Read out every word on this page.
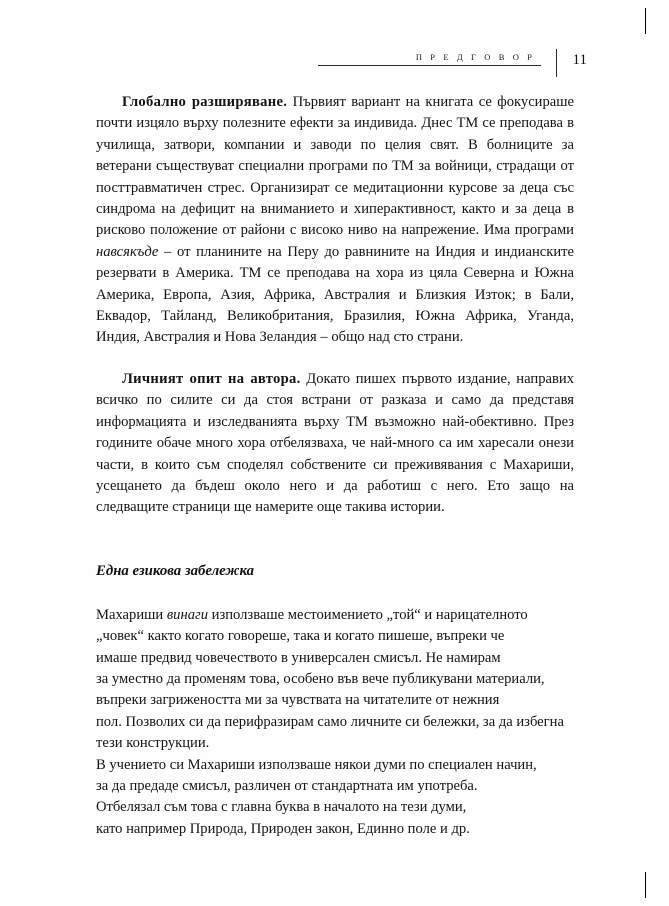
П Р Е Д Г О В О Р	11

Глобално разширяване. Първият вариант на книгата се фокусираше почти изцяло върху полезните ефекти за индивида. Днес ТМ се преподава в училища, затвори, компании и заводи по целия свят. В болниците за ветерани съществуват специални програми по ТМ за войници, страдащи от посттравматичен стрес. Организират се медитационни курсове за деца със синдрома на дефицит на вниманието и хиперактивност, както и за деца в рисково положение от райони с високо ниво на напрежение. Има програми навсякъде – от планините на Перу до равнините на Индия и индианските резервати в Америка. ТМ се преподава на хора из цяла Северна и Южна Америка, Европа, Азия, Африка, Австралия и Близкия Изток; в Бали, Еквадор, Тайланд, Великобритания, Бразилия, Южна Африка, Уганда, Индия, Австралия и Нова Зеландия – общо над сто страни.

Личният опит на автора. Докато пишех първото издание, направих всичко по силите си да стоя встрани от разказа и само да представя информацията и изследванията върху ТМ възможно най-обективно. През годините обаче много хора отбелязваха, че най-много са им харесали онези части, в които съм споделял собствените си преживявания с Махариши, усещането да бъдеш около него и да работиш с него. Ето защо на следващите страници ще намерите още такива истории.

Една езикова забележка

Махариши винаги използваше местоимението „той“ и нарицателното

„човек“ както когато говореше, така и когато пишеше, въпреки че

имаше предвид човечеството в универсален смисъл. Не намирам

за уместно да променям това, особено във вече публикувани материали,

въпреки загрижеността ми за чувствата на читателите от нежния

пол. Позволих си да перифразирам само личните си бележки, за да избегна

тези конструкции.

В учението си Махариши използваше някои думи по специален начин,

за да предаде смисъл, различен от стандартната им употреба.

Отбелязал съм това с главна буква в началото на тези думи,

като например Природа, Природен закон, Единно поле и др.
